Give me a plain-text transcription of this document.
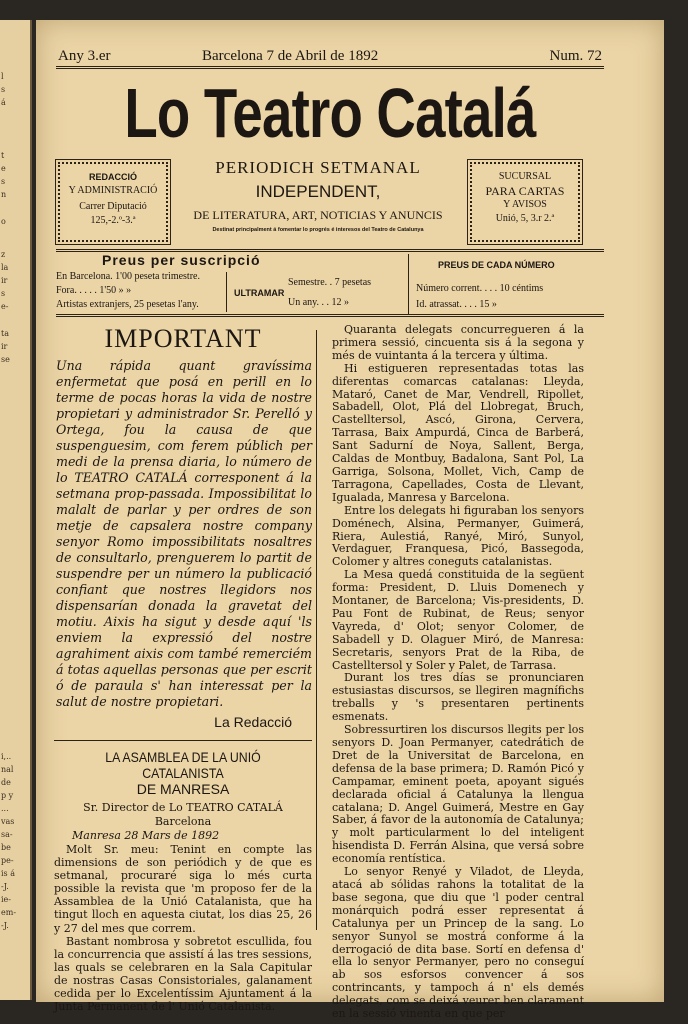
l
s
á
t
e
s
n
o
z
la
ir
s
e-
ta
ir
se
i,..
nal
de
p y
...
vas
sa-
be
pe-
is á
-J.
ie-
em-
-J.
Any 3.er	Barcelona 7 de Abril de 1892	Num. 72
Lo Teatro Catalá
REDACCIÓ
Y ADMINISTRACIÓ
Carrer Diputació
125,-2.º-3.ª
PERIODICH SETMANAL
INDEPENDENT,
DE LITERATURA, ART, NOTICIAS Y ANUNCIS
Destinat principalment á fomentar lo progrés é interesos del Teatro de Catalunya
SUCURSAL
PARA CARTAS
Y AVISOS
Unió, 5, 3.r 2.ª
Preus per suscripció
En Barcelona. 1'00 peseta trimestre.
Fora. . . . . 1'50 » »
Artistas extranjers, 25 pesetas l'any.
ULTRAMAR
Semestre. . 7 pesetas
Un any. . . 12 »
PREUS DE CADA NÚMERO
Número corrent. . . . 10 céntims
Id. atrassat. . . . 15 »
IMPORTANT
Una rápida quant gravíssima enfermetat que posá en perill en lo terme de pocas horas la vida de nostre propietari y administrador Sr. Perelló y Ortega, fou la causa de que suspenguesim, com ferem públich per medi de la prensa diaria, lo número de lo TEATRO CATALÁ corresponent á la setmana prop-passada. Impossibilitat lo malalt de parlar y per ordres de son metje de capsalera nostre company senyor Romo impossibilitats nosaltres de consultarlo, prenguerem lo partit de suspendre per un número la publicació confiant que nostres llegidors nos dispensarían donada la gravetat del motiu. Aixis ha sigut y desde aquí 'ls enviem la expressió del nostre agrahiment aixis com també remerciém á totas aquellas personas que per escrit ó de paraula s' han interessat per la salut de nostre propietari.
La Redacció
LA ASAMBLEA DE LA UNIÓ CATALANISTA
DE MANRESA
Sr. Director de Lo TEATRO CATALÁ
Barcelona
Manresa 28 Mars de 1892

Molt Sr. meu: Tenint en compte las dimensions de son periódich y de que es setmanal, procuraré siga lo més curta possible la revista que 'm proposo fer de la Assamblea de la Unió Catalanista, que ha tingut lloch en aquesta ciutat, los dias 25, 26 y 27 del mes que correm.

Bastant nombrosa y sobretot escullida, fou la concurrencia que assistí á las tres sessions, las quals se celebraren en la Sala Capitular de nostras Casas Consistoriales, galanament cedida per lo Excelentíssim Ajuntament á la Junta Permanent de l' Unió Catalanista.

Quaranta delegats concurregueren á la primera sessió, cincuenta sis á la segona y més de vuintanta á la tercera y última.

Hi estigueren representadas totas las diferentas comarcas catalanas: Lleyda, Mataró, Canet de Mar, Vendrell, Ripollet, Sabadell, Olot, Plá del Llobregat, Bruch, Castelltersol, Ascó, Girona, Cervera, Tarrasa, Baix Ampurdá, Cinca de Barberá, Sant Sadurní de Noya, Sallent, Berga, Caldas de Montbuy, Badalona, Sant Pol, La Garriga, Solsona, Mollet, Vich, Camp de Tarragona, Capellades, Costa de Llevant, Igualada, Manresa y Barcelona.

Entre los delegats hi figuraban los senyors Doménech, Alsina, Permanyer, Guimerá, Riera, Aulestiá, Ranyé, Miró, Sunyol, Verdaguer, Franquesa, Picó, Bassegoda, Colomer y altres coneguts catalanistas.

La Mesa quedá constituida de la següent forma: President, D. Lluis Domenech y Montaner, de Barcelona; Vis-presidents, D. Pau Font de Rubinat, de Reus; senyor Vayreda, d' Olot; senyor Colomer, de Sabadell y D. Olaguer Miró, de Manresa: Secretaris, senyors Prat de la Riba, de Castelltersol y Soler y Palet, de Tarrasa.

Durant los tres días se pronunciaren estusiastas discursos, se llegiren magnífichs treballs y 's presentaren pertinents esmenats.

Sobressurtiren los discursos llegits per los senyors D. Joan Permanyer, catedrátich de Dret de la Universitat de Barcelona, en defensa de la base primera; D. Ramón Picó y Campamar, eminent poeta, apoyant sigués declarada oficial á Catalunya la llengua catalana; D. Angel Guimerá, Mestre en Gay Saber, á favor de la autonomía de Catalunya; y molt particularment lo del inteligent hisendista D. Ferrán Alsina, que versá sobre economía rentística.

Lo senyor Renyé y Viladot, de Lleyda, atacá ab sólidas rahons la totalitat de la base segona, que diu que 'l poder central monárquich podrá esser representat á Catalunya per un Princep de la sang. Lo senyor Sunyol se mostrá conforme á la derrogació de dita base. Sortí en defensa d' ella lo senyor Permanyer, pero no conseguí ab sos esforsos convencer á sos contrincants, y tampoch á n' els demés delegats, com se deixá veurer ben clarament en la sessió vinenta en que per
